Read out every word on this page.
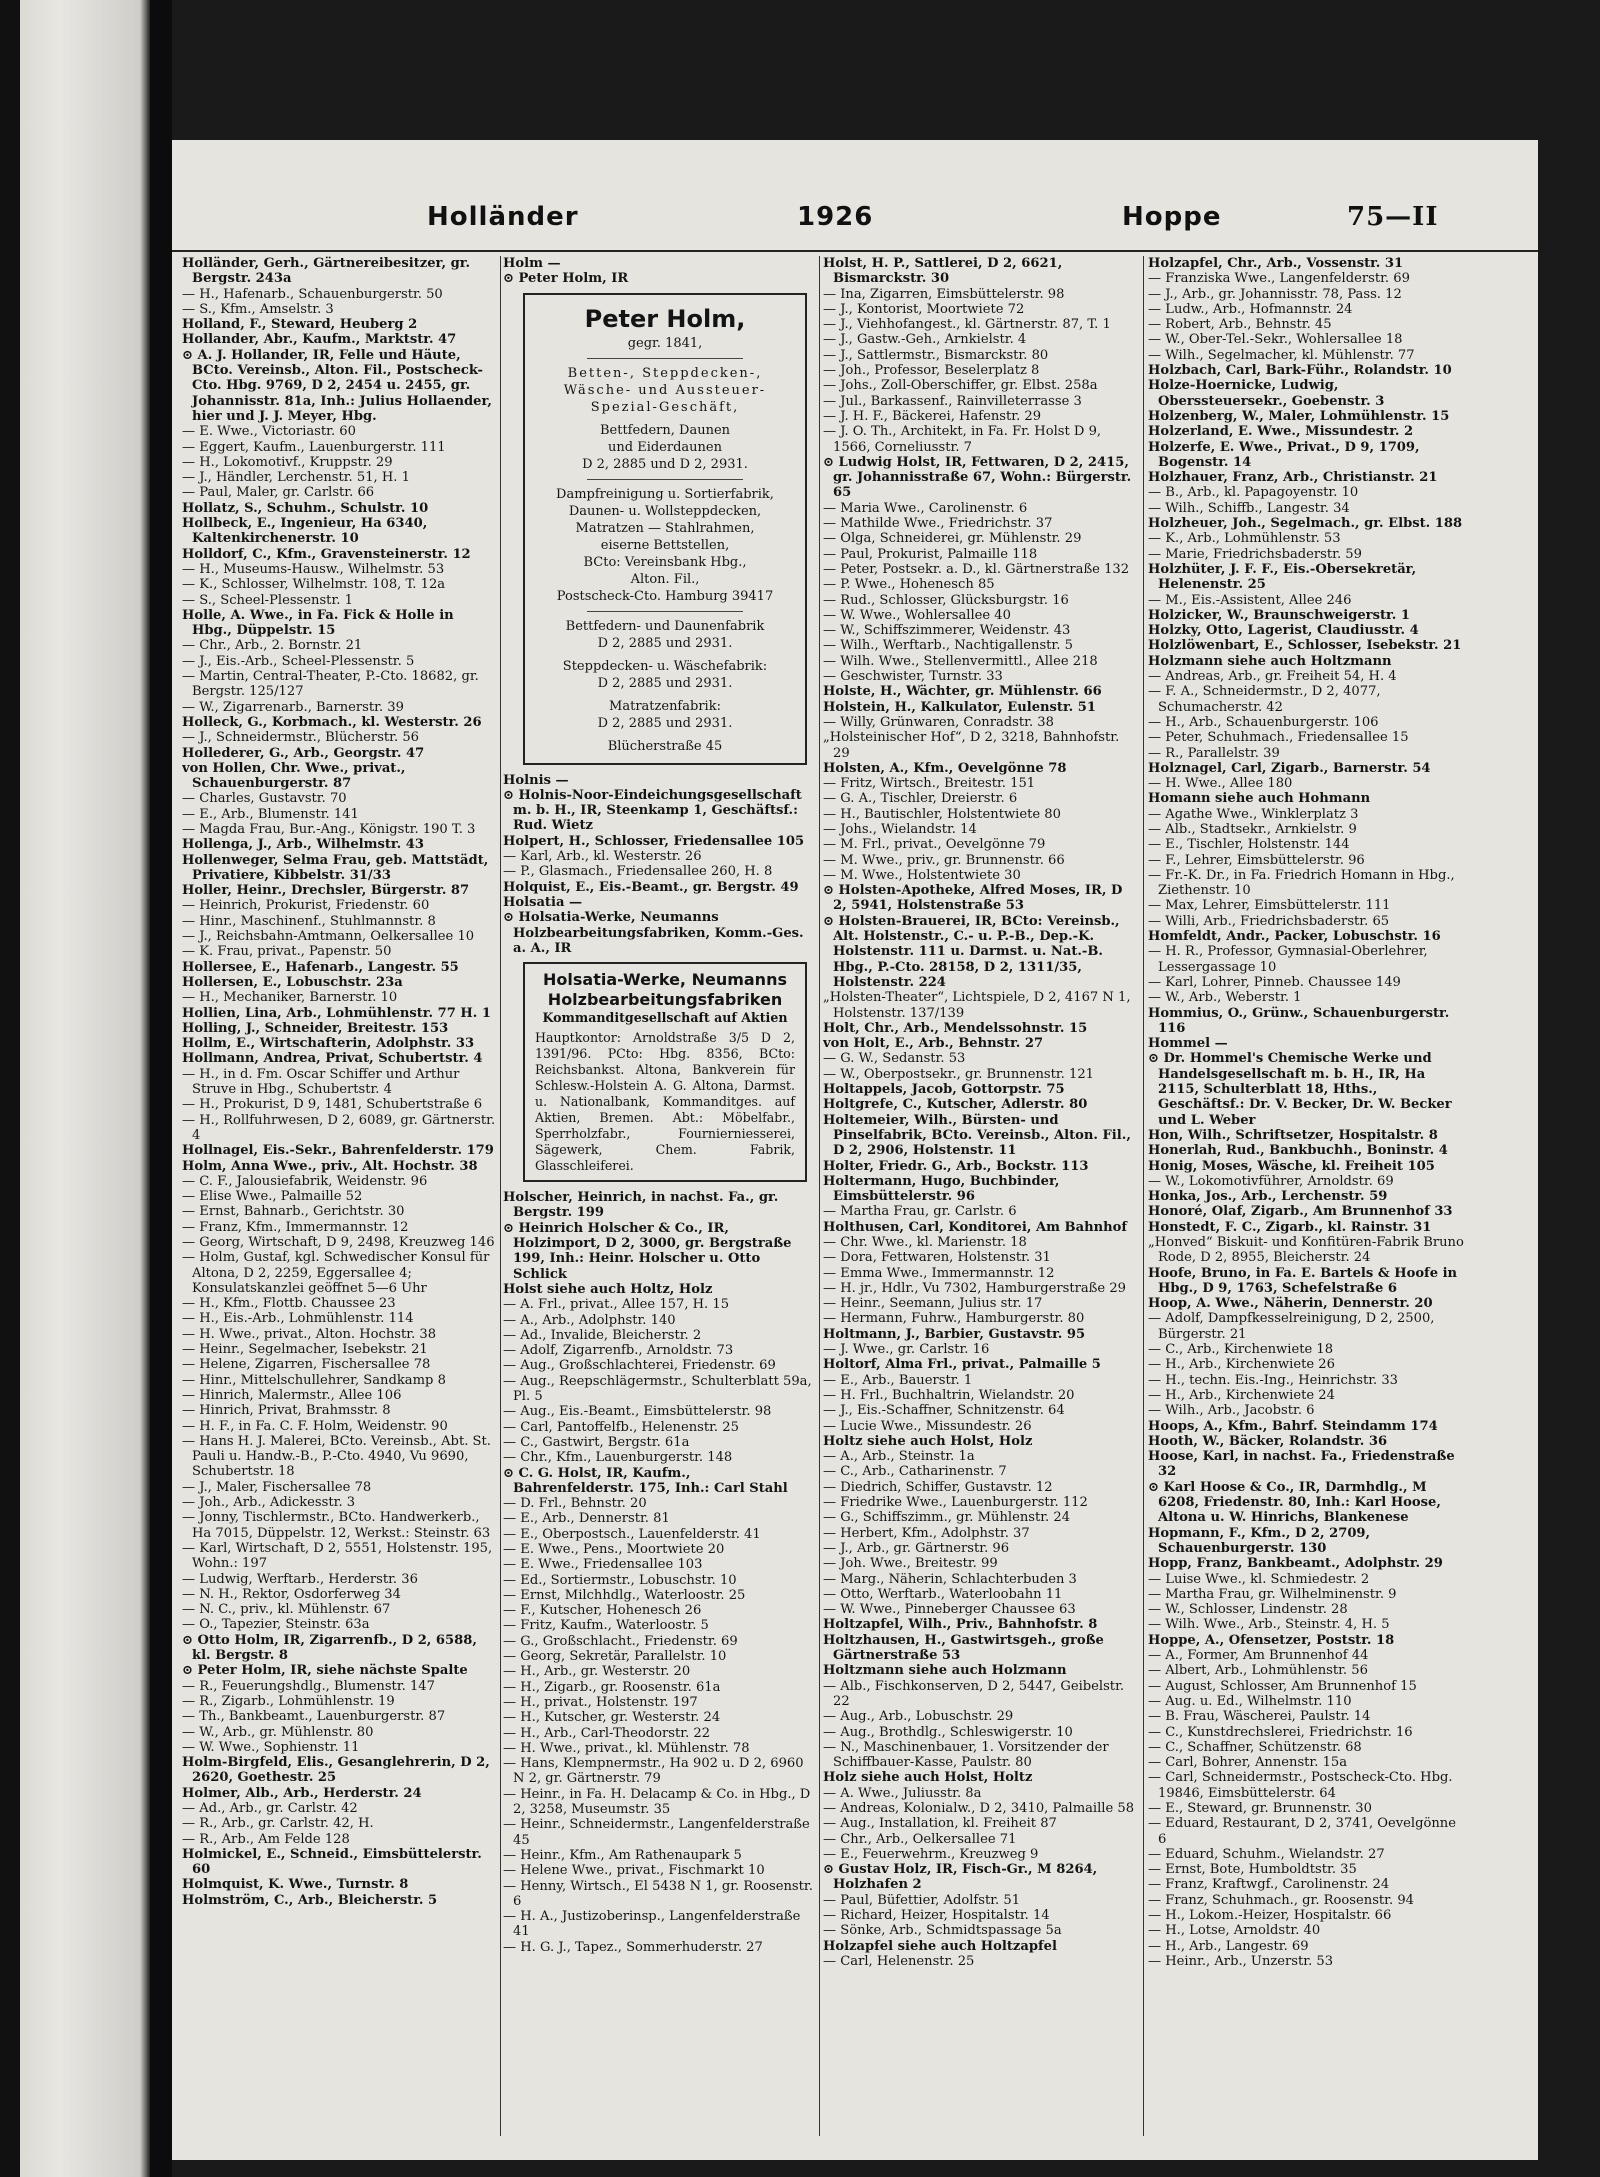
Holländer	1926	Hoppe	75—II

Holländer, Gerh., Gärtnereibesitzer, gr. Bergstr. 243a

— H., Hafenarb., Schauenburgerstr. 50

— S., Kfm., Amselstr. 3

Holland, F., Steward, Heuberg 2

Hollander, Abr., Kaufm., Marktstr. 47

⊙ A. J. Hollander, IR, Felle und Häute, BCto. Vereinsb., Alton. Fil., Postscheck-Cto. Hbg. 9769, D 2, 2454 u. 2455, gr. Johannisstr. 81a, Inh.: Julius Hollaender, hier und J. J. Meyer, Hbg.

— E. Wwe., Victoriastr. 60

— Eggert, Kaufm., Lauenburgerstr. 111

— H., Lokomotivf., Kruppstr. 29

— J., Händler, Lerchenstr. 51, H. 1

— Paul, Maler, gr. Carlstr. 66

Hollatz, S., Schuhm., Schulstr. 10

Hollbeck, E., Ingenieur, Ha 6340, Kaltenkirchenerstr. 10

Holldorf, C., Kfm., Gravensteinerstr. 12

— H., Museums-Hausw., Wilhelmstr. 53

— K., Schlosser, Wilhelmstr. 108, T. 12a

— S., Scheel-Plessenstr. 1

Holle, A. Wwe., in Fa. Fick & Holle in Hbg., Düppelstr. 15

— Chr., Arb., 2. Bornstr. 21

— J., Eis.-Arb., Scheel-Plessenstr. 5

— Martin, Central-Theater, P.-Cto. 18682, gr. Bergstr. 125/127

— W., Zigarrenarb., Barnerstr. 39

Holleck, G., Korbmach., kl. Westerstr. 26

— J., Schneidermstr., Blücherstr. 56

Hollederer, G., Arb., Georgstr. 47

von Hollen, Chr. Wwe., privat., Schauenburgerstr. 87

— Charles, Gustavstr. 70

— E., Arb., Blumenstr. 141

— Magda Frau, Bur.-Ang., Königstr. 190 T. 3

Hollenga, J., Arb., Wilhelmstr. 43

Hollenweger, Selma Frau, geb. Mattstädt, Privatiere, Kibbelstr. 31/33

Holler, Heinr., Drechsler, Bürgerstr. 87

— Heinrich, Prokurist, Friedenstr. 60

— Hinr., Maschinenf., Stuhlmannstr. 8

— J., Reichsbahn-Amtmann, Oelkersallee 10

— K. Frau, privat., Papenstr. 50

Hollersee, E., Hafenarb., Langestr. 55

Hollersen, E., Lobuschstr. 23a

— H., Mechaniker, Barnerstr. 10

Hollien, Lina, Arb., Lohmühlenstr. 77 H. 1

Holling, J., Schneider, Breitestr. 153

Hollm, E., Wirtschafterin, Adolphstr. 33

Hollmann, Andrea, Privat, Schubertstr. 4

— H., in d. Fm. Oscar Schiffer und Arthur Struve in Hbg., Schubertstr. 4

— H., Prokurist, D 9, 1481, Schubertstraße 6

— H., Rollfuhrwesen, D 2, 6089, gr. Gärtnerstr. 4

Hollnagel, Eis.-Sekr., Bahrenfelderstr. 179

Holm, Anna Wwe., priv., Alt. Hochstr. 38

— C. F., Jalousiefabrik, Weidenstr. 96

— Elise Wwe., Palmaille 52

— Ernst, Bahnarb., Gerichtstr. 30

— Franz, Kfm., Immermannstr. 12

— Georg, Wirtschaft, D 9, 2498, Kreuzweg 146

— Holm, Gustaf, kgl. Schwedischer Konsul für Altona, D 2, 2259, Eggersallee 4; Konsulatskanzlei geöffnet 5—6 Uhr

— H., Kfm., Flottb. Chaussee 23

— H., Eis.-Arb., Lohmühlenstr. 114

— H. Wwe., privat., Alton. Hochstr. 38

— Heinr., Segelmacher, Isebekstr. 21

— Helene, Zigarren, Fischersallee 78

— Hinr., Mittelschullehrer, Sandkamp 8

— Hinrich, Malermstr., Allee 106

— Hinrich, Privat, Brahmsstr. 8

— H. F., in Fa. C. F. Holm, Weidenstr. 90

— Hans H. J. Malerei, BCto. Vereinsb., Abt. St. Pauli u. Handw.-B., P.-Cto. 4940, Vu 9690, Schubertstr. 18

— J., Maler, Fischersallee 78

— Joh., Arb., Adickesstr. 3

— Jonny, Tischlermstr., BCto. Handwerkerb., Ha 7015, Düppelstr. 12, Werkst.: Steinstr. 63

— Karl, Wirtschaft, D 2, 5551, Holstenstr. 195, Wohn.: 197

— Ludwig, Werftarb., Herderstr. 36

— N. H., Rektor, Osdorferweg 34

— N. C., priv., kl. Mühlenstr. 67

— O., Tapezier, Steinstr. 63a

⊙ Otto Holm, IR, Zigarrenfb., D 2, 6588, kl. Bergstr. 8

⊙ Peter Holm, IR, siehe nächste Spalte

— R., Feuerungshdlg., Blumenstr. 147

— R., Zigarb., Lohmühlenstr. 19

— Th., Bankbeamt., Lauenburgerstr. 87

— W., Arb., gr. Mühlenstr. 80

— W. Wwe., Sophienstr. 11

Holm-Birgfeld, Elis., Gesanglehrerin, D 2, 2620, Goethestr. 25

Holmer, Alb., Arb., Herderstr. 24

— Ad., Arb., gr. Carlstr. 42

— R., Arb., gr. Carlstr. 42, H.

— R., Arb., Am Felde 128

Holmickel, E., Schneid., Eimsbüttelerstr. 60

Holmquist, K. Wwe., Turnstr. 8

Holmström, C., Arb., Bleicherstr. 5

Holm —

⊙ Peter Holm, IR

Peter Holm,

gegr. 1841,

Betten-, Steppdecken-,

Wäsche- und Aussteuer-

Spezial-Geschäft,

Bettfedern, Daunen

und Eiderdaunen

D 2, 2885 und D 2, 2931.

Dampfreinigung u. Sortierfabrik,

Daunen- u. Wollsteppdecken,

Matratzen — Stahlrahmen,

eiserne Bettstellen,

BCto: Vereinsbank Hbg.,

Alton. Fil.,

Postscheck-Cto. Hamburg 39417

Bettfedern- und Daunenfabrik

D 2, 2885 und 2931.

Steppdecken- u. Wäschefabrik:

D 2, 2885 und 2931.

Matratzenfabrik:

D 2, 2885 und 2931.

Blücherstraße 45

Holnis —

⊙ Holnis-Noor-Eindeichungsgesellschaft m. b. H., IR, Steenkamp 1, Geschäftsf.: Rud. Wietz

Holpert, H., Schlosser, Friedensallee 105

— Karl, Arb., kl. Westerstr. 26

— P., Glasmach., Friedensallee 260, H. 8

Holquist, E., Eis.-Beamt., gr. Bergstr. 49

Holsatia —

⊙ Holsatia-Werke, Neumanns Holzbearbeitungsfabriken, Komm.-Ges. a. A., IR

Holsatia-Werke, Neumanns

Holzbearbeitungsfabriken

Kommanditgesellschaft auf Aktien

Hauptkontor: Arnoldstraße 3/5 D 2, 1391/96. PCto: Hbg. 8356, BCto: Reichsbankst. Altona, Bankverein für Schlesw.-Holstein A. G. Altona, Darmst. u. Nationalbank, Kommanditges. auf Aktien, Bremen. Abt.: Möbelfabr., Sperrholzfabr., Fournierniesserei, Sägewerk, Chem. Fabrik, Glasschleiferei.

Holscher, Heinrich, in nachst. Fa., gr. Bergstr. 199

⊙ Heinrich Holscher & Co., IR, Holzimport, D 2, 3000, gr. Bergstraße 199, Inh.: Heinr. Holscher u. Otto Schlick

Holst siehe auch Holtz, Holz

— A. Frl., privat., Allee 157, H. 15

— A., Arb., Adolphstr. 140

— Ad., Invalide, Bleicherstr. 2

— Adolf, Zigarrenfb., Arnoldstr. 73

— Aug., Großschlachterei, Friedenstr. 69

— Aug., Reepschlägermstr., Schulterblatt 59a, Pl. 5

— Aug., Eis.-Beamt., Eimsbüttelerstr. 98

— Carl, Pantoffelfb., Helenenstr. 25

— C., Gastwirt, Bergstr. 61a

— Chr., Kfm., Lauenburgerstr. 148

⊙ C. G. Holst, IR, Kaufm., Bahrenfelderstr. 175, Inh.: Carl Stahl

— D. Frl., Behnstr. 20

— E., Arb., Dennerstr. 81

— E., Oberpostsch., Lauenfelderstr. 41

— E. Wwe., Pens., Moortwiete 20

— E. Wwe., Friedensallee 103

— Ed., Sortiermstr., Lobuschstr. 10

— Ernst, Milchhdlg., Waterloostr. 25

— F., Kutscher, Hohenesch 26

— Fritz, Kaufm., Waterloostr. 5

— G., Großschlacht., Friedenstr. 69

— Georg, Sekretär, Parallelstr. 10

— H., Arb., gr. Westerstr. 20

— H., Zigarb., gr. Roosenstr. 61a

— H., privat., Holstenstr. 197

— H., Kutscher, gr. Westerstr. 24

— H., Arb., Carl-Theodorstr. 22

— H. Wwe., privat., kl. Mühlenstr. 78

— Hans, Klempnermstr., Ha 902 u. D 2, 6960 N 2, gr. Gärtnerstr. 79

— Heinr., in Fa. H. Delacamp & Co. in Hbg., D 2, 3258, Museumstr. 35

— Heinr., Schneidermstr., Langenfelderstraße 45

— Heinr., Kfm., Am Rathenaupark 5

— Helene Wwe., privat., Fischmarkt 10

— Henny, Wirtsch., El 5438 N 1, gr. Roosenstr. 6

— H. A., Justizoberinsp., Langenfelderstraße 41

— H. G. J., Tapez., Sommerhuderstr. 27

Holst, H. P., Sattlerei, D 2, 6621, Bismarckstr. 30

— Ina, Zigarren, Eimsbüttelerstr. 98

— J., Kontorist, Moortwiete 72

— J., Viehhofangest., kl. Gärtnerstr. 87, T. 1

— J., Gastw.-Geh., Arnkielstr. 4

— J., Sattlermstr., Bismarckstr. 80

— Joh., Professor, Beselerplatz 8

— Johs., Zoll-Oberschiffer, gr. Elbst. 258a

— Jul., Barkassenf., Rainvilleterrasse 3

— J. H. F., Bäckerei, Hafenstr. 29

— J. O. Th., Architekt, in Fa. Fr. Holst D 9, 1566, Corneliusstr. 7

⊙ Ludwig Holst, IR, Fettwaren, D 2, 2415, gr. Johannisstraße 67, Wohn.: Bürgerstr. 65

— Maria Wwe., Carolinenstr. 6

— Mathilde Wwe., Friedrichstr. 37

— Olga, Schneiderei, gr. Mühlenstr. 29

— Paul, Prokurist, Palmaille 118

— Peter, Postsekr. a. D., kl. Gärtnerstraße 132

— P. Wwe., Hohenesch 85

— Rud., Schlosser, Glücksburgstr. 16

— W. Wwe., Wohlersallee 40

— W., Schiffszimmerer, Weidenstr. 43

— Wilh., Werftarb., Nachtigallenstr. 5

— Wilh. Wwe., Stellenvermittl., Allee 218

— Geschwister, Turnstr. 33

Holste, H., Wächter, gr. Mühlenstr. 66

Holstein, H., Kalkulator, Eulenstr. 51

— Willy, Grünwaren, Conradstr. 38

„Holsteinischer Hof“, D 2, 3218, Bahnhofstr. 29

Holsten, A., Kfm., Oevelgönne 78

— Fritz, Wirtsch., Breitestr. 151

— G. A., Tischler, Dreierstr. 6

— H., Bautischler, Holstentwiete 80

— Johs., Wielandstr. 14

— M. Frl., privat., Oevelgönne 79

— M. Wwe., priv., gr. Brunnenstr. 66

— M. Wwe., Holstentwiete 30

⊙ Holsten-Apotheke, Alfred Moses, IR, D 2, 5941, Holstenstraße 53

⊙ Holsten-Brauerei, IR, BCto: Vereinsb., Alt. Holstenstr., C.- u. P.-B., Dep.-K. Holstenstr. 111 u. Darmst. u. Nat.-B. Hbg., P.-Cto. 28158, D 2, 1311/35, Holstenstr. 224

„Holsten-Theater“, Lichtspiele, D 2, 4167 N 1, Holstenstr. 137/139

Holt, Chr., Arb., Mendelssohnstr. 15

von Holt, E., Arb., Behnstr. 27

— G. W., Sedanstr. 53

— W., Oberpostsekr., gr. Brunnenstr. 121

Holtappels, Jacob, Gottorpstr. 75

Holtgrefe, C., Kutscher, Adlerstr. 80

Holtemeier, Wilh., Bürsten- und Pinselfabrik, BCto. Vereinsb., Alton. Fil., D 2, 2906, Holstenstr. 11

Holter, Friedr. G., Arb., Bockstr. 113

Holtermann, Hugo, Buchbinder, Eimsbüttelerstr. 96

— Martha Frau, gr. Carlstr. 6

Holthusen, Carl, Konditorei, Am Bahnhof

— Chr. Wwe., kl. Marienstr. 18

— Dora, Fettwaren, Holstenstr. 31

— Emma Wwe., Immermannstr. 12

— H. jr., Hdlr., Vu 7302, Hamburgerstraße 29

— Heinr., Seemann, Julius str. 17

— Hermann, Fuhrw., Hamburgerstr. 80

Holtmann, J., Barbier, Gustavstr. 95

— J. Wwe., gr. Carlstr. 16

Holtorf, Alma Frl., privat., Palmaille 5

— E., Arb., Bauerstr. 1

— H. Frl., Buchhaltrin, Wielandstr. 20

— J., Eis.-Schaffner, Schnitzenstr. 64

— Lucie Wwe., Missundestr. 26

Holtz siehe auch Holst, Holz

— A., Arb., Steinstr. 1a

— C., Arb., Catharinenstr. 7

— Diedrich, Schiffer, Gustavstr. 12

— Friedrike Wwe., Lauenburgerstr. 112

— G., Schiffszimm., gr. Mühlenstr. 24

— Herbert, Kfm., Adolphstr. 37

— J., Arb., gr. Gärtnerstr. 96

— Joh. Wwe., Breitestr. 99

— Marg., Näherin, Schlachterbuden 3

— Otto, Werftarb., Waterloobahn 11

— W. Wwe., Pinneberger Chaussee 63

Holtzapfel, Wilh., Priv., Bahnhofstr. 8

Holtzhausen, H., Gastwirtsgeh., große Gärtnerstraße 53

Holtzmann siehe auch Holzmann

— Alb., Fischkonserven, D 2, 5447, Geibelstr. 22

— Aug., Arb., Lobuschstr. 29

— Aug., Brothdlg., Schleswigerstr. 10

— N., Maschinenbauer, 1. Vorsitzender der Schiffbauer-Kasse, Paulstr. 80

Holz siehe auch Holst, Holtz

— A. Wwe., Juliusstr. 8a

— Andreas, Kolonialw., D 2, 3410, Palmaille 58

— Aug., Installation, kl. Freiheit 87

— Chr., Arb., Oelkersallee 71

— E., Feuerwehrm., Kreuzweg 9

⊙ Gustav Holz, IR, Fisch-Gr., M 8264, Holzhafen 2

— Paul, Büfettier, Adolfstr. 51

— Richard, Heizer, Hospitalstr. 14

— Sönke, Arb., Schmidtspassage 5a

Holzapfel siehe auch Holtzapfel

— Carl, Helenenstr. 25

Holzapfel, Chr., Arb., Vossenstr. 31

— Franziska Wwe., Langenfelderstr. 69

— J., Arb., gr. Johannisstr. 78, Pass. 12

— Ludw., Arb., Hofmannstr. 24

— Robert, Arb., Behnstr. 45

— W., Ober-Tel.-Sekr., Wohlersallee 18

— Wilh., Segelmacher, kl. Mühlenstr. 77

Holzbach, Carl, Bark-Führ., Rolandstr. 10

Holze-Hoernicke, Ludwig, Oberssteuersekr., Goebenstr. 3

Holzenberg, W., Maler, Lohmühlenstr. 15

Holzerland, E. Wwe., Missundestr. 2

Holzerfe, E. Wwe., Privat., D 9, 1709, Bogenstr. 14

Holzhauer, Franz, Arb., Christianstr. 21

— B., Arb., kl. Papagoyenstr. 10

— Wilh., Schiffb., Langestr. 34

Holzheuer, Joh., Segelmach., gr. Elbst. 188

— K., Arb., Lohmühlenstr. 53

— Marie, Friedrichsbaderstr. 59

Holzhüter, J. F. F., Eis.-Obersekretär, Helenenstr. 25

— M., Eis.-Assistent, Allee 246

Holzicker, W., Braunschweigerstr. 1

Holzky, Otto, Lagerist, Claudiusstr. 4

Holzlöwenbart, E., Schlosser, Isebekstr. 21

Holzmann siehe auch Holtzmann

— Andreas, Arb., gr. Freiheit 54, H. 4

— F. A., Schneidermstr., D 2, 4077, Schumacherstr. 42

— H., Arb., Schauenburgerstr. 106

— Peter, Schuhmach., Friedensallee 15

— R., Parallelstr. 39

Holznagel, Carl, Zigarb., Barnerstr. 54

— H. Wwe., Allee 180

Homann siehe auch Hohmann

— Agathe Wwe., Winklerplatz 3

— Alb., Stadtsekr., Arnkielstr. 9

— E., Tischler, Holstenstr. 144

— F., Lehrer, Eimsbüttelerstr. 96

— Fr.-K. Dr., in Fa. Friedrich Homann in Hbg., Ziethenstr. 10

— Max, Lehrer, Eimsbüttelerstr. 111

— Willi, Arb., Friedrichsbaderstr. 65

Homfeldt, Andr., Packer, Lobuschstr. 16

— H. R., Professor, Gymnasial-Oberlehrer, Lessergassage 10

— Karl, Lohrer, Pinneb. Chaussee 149

— W., Arb., Weberstr. 1

Hommius, O., Grünw., Schauenburgerstr. 116

Hommel —

⊙ Dr. Hommel's Chemische Werke und Handelsgesellschaft m. b. H., IR, Ha 2115, Schulterblatt 18, Hths., Geschäftsf.: Dr. V. Becker, Dr. W. Becker und L. Weber

Hon, Wilh., Schriftsetzer, Hospitalstr. 8

Honerlah, Rud., Bankbuchh., Boninstr. 4

Honig, Moses, Wäsche, kl. Freiheit 105

— W., Lokomotivführer, Arnoldstr. 69

Honka, Jos., Arb., Lerchenstr. 59

Honoré, Olaf, Zigarb., Am Brunnenhof 33

Honstedt, F. C., Zigarb., kl. Rainstr. 31

„Honved“ Biskuit- und Konfitüren-Fabrik Bruno Rode, D 2, 8955, Bleicherstr. 24

Hoofe, Bruno, in Fa. E. Bartels & Hoofe in Hbg., D 9, 1763, Schefelstraße 6

Hoop, A. Wwe., Näherin, Dennerstr. 20

— Adolf, Dampfkesselreinigung, D 2, 2500, Bürgerstr. 21

— C., Arb., Kirchenwiete 18

— H., Arb., Kirchenwiete 26

— H., techn. Eis.-Ing., Heinrichstr. 33

— H., Arb., Kirchenwiete 24

— Wilh., Arb., Jacobstr. 6

Hoops, A., Kfm., Bahrf. Steindamm 174

Hooth, W., Bäcker, Rolandstr. 36

Hoose, Karl, in nachst. Fa., Friedenstraße 32

⊙ Karl Hoose & Co., IR, Darmhdlg., M 6208, Friedenstr. 80, Inh.: Karl Hoose, Altona u. W. Hinrichs, Blankenese

Hopmann, F., Kfm., D 2, 2709, Schauenburgerstr. 130

Hopp, Franz, Bankbeamt., Adolphstr. 29

— Luise Wwe., kl. Schmiedestr. 2

— Martha Frau, gr. Wilhelminenstr. 9

— W., Schlosser, Lindenstr. 28

— Wilh. Wwe., Arb., Steinstr. 4, H. 5

Hoppe, A., Ofensetzer, Poststr. 18

— A., Former, Am Brunnenhof 44

— Albert, Arb., Lohmühlenstr. 56

— August, Schlosser, Am Brunnenhof 15

— Aug. u. Ed., Wilhelmstr. 110

— B. Frau, Wäscherei, Paulstr. 14

— C., Kunstdrechslerei, Friedrichstr. 16

— C., Schaffner, Schützenstr. 68

— Carl, Bohrer, Annenstr. 15a

— Carl, Schneidermstr., Postscheck-Cto. Hbg. 19846, Eimsbüttelerstr. 64

— E., Steward, gr. Brunnenstr. 30

— Eduard, Restaurant, D 2, 3741, Oevelgönne 6

— Eduard, Schuhm., Wielandstr. 27

— Ernst, Bote, Humboldtstr. 35

— Franz, Kraftwgf., Carolinenstr. 24

— Franz, Schuhmach., gr. Roosenstr. 94

— H., Lokom.-Heizer, Hospitalstr. 66

— H., Lotse, Arnoldstr. 40

— H., Arb., Langestr. 69

— Heinr., Arb., Unzerstr. 53
